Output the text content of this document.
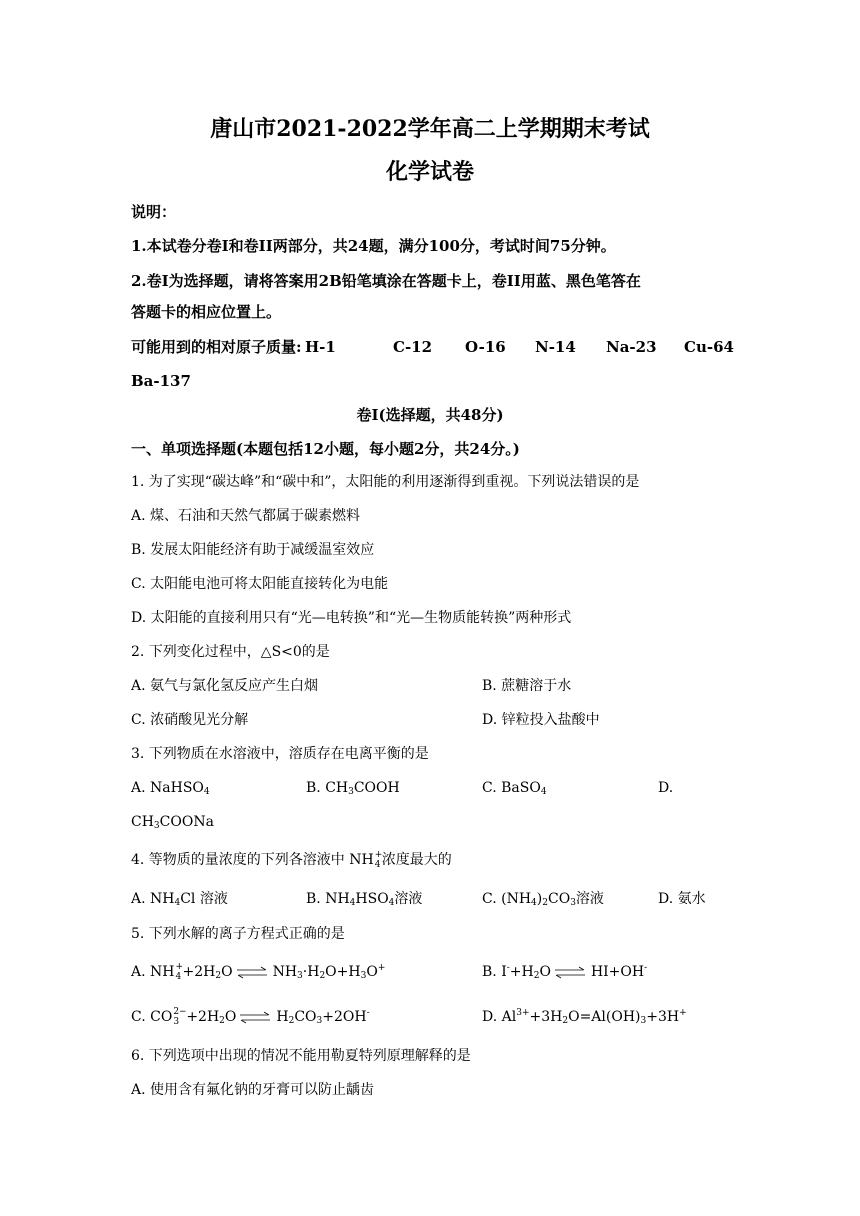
唐山市2021-2022学年高二上学期期末考试
化学试卷
说明：
1.本试卷分卷I和卷II两部分，共24题，满分100分，考试时间75分钟。
2.卷I为选择题，请将答案用2B铅笔填涂在答题卡上，卷II用蓝、黑色笔答在
答题卡的相应位置上。
可能用到的相对原子质量: H-1	C-12 O-16 N-14 Na-23 Cu-64
Ba-137
卷I(选择题，共48分)
一、单项选择题(本题包括12小题，每小题2分，共24分。)
1. 为了实现“碳达峰”和“碳中和”，太阳能的利用逐渐得到重视。下列说法错误的是
A. 煤、石油和天然气都属于碳素燃料
B. 发展太阳能经济有助于减缓温室效应
C. 太阳能电池可将太阳能直接转化为电能
D. 太阳能的直接利用只有“光—电转换”和“光—生物质能转换”两种形式
2. 下列变化过程中，△S<0的是
A. 氨气与氯化氢反应产生白烟	B. 蔗糖溶于水
C. 浓硝酸见光分解	D. 锌粒投入盐酸中
3. 下列物质在水溶液中，溶质存在电离平衡的是
A. NaHSO$_4$	B. $CH_3COOH$	C. BaSO$_4$	D.
$CH_3COONa$
4. 等物质的量浓度的下列各溶液中 NH +
4 浓度最大的
A. $NH_4Cl$ 溶液	B. $NH_4HSO_4$溶液	C. $(NH_4)_2CO_3$溶液	D. 氨水
5. 下列水解的离子方程式正确的是
A. NH +
$4 +2H_2O$ ⇌ $NH_3\cdot H_2O+H_3O^+$	B. $I^-+H_2O$ ⇌ HI+OH-
C. CO 2−
$3 +2H_2O$ ⇌ $H_2CO_3+2OH^-$	D. $Al^{3+}+3H_2O=Al(OH)_3+3H^+$
6. 下列选项中出现的情况不能用勒夏特列原理解释的是
A. 使用含有氟化钠的牙膏可以防止龋齿
